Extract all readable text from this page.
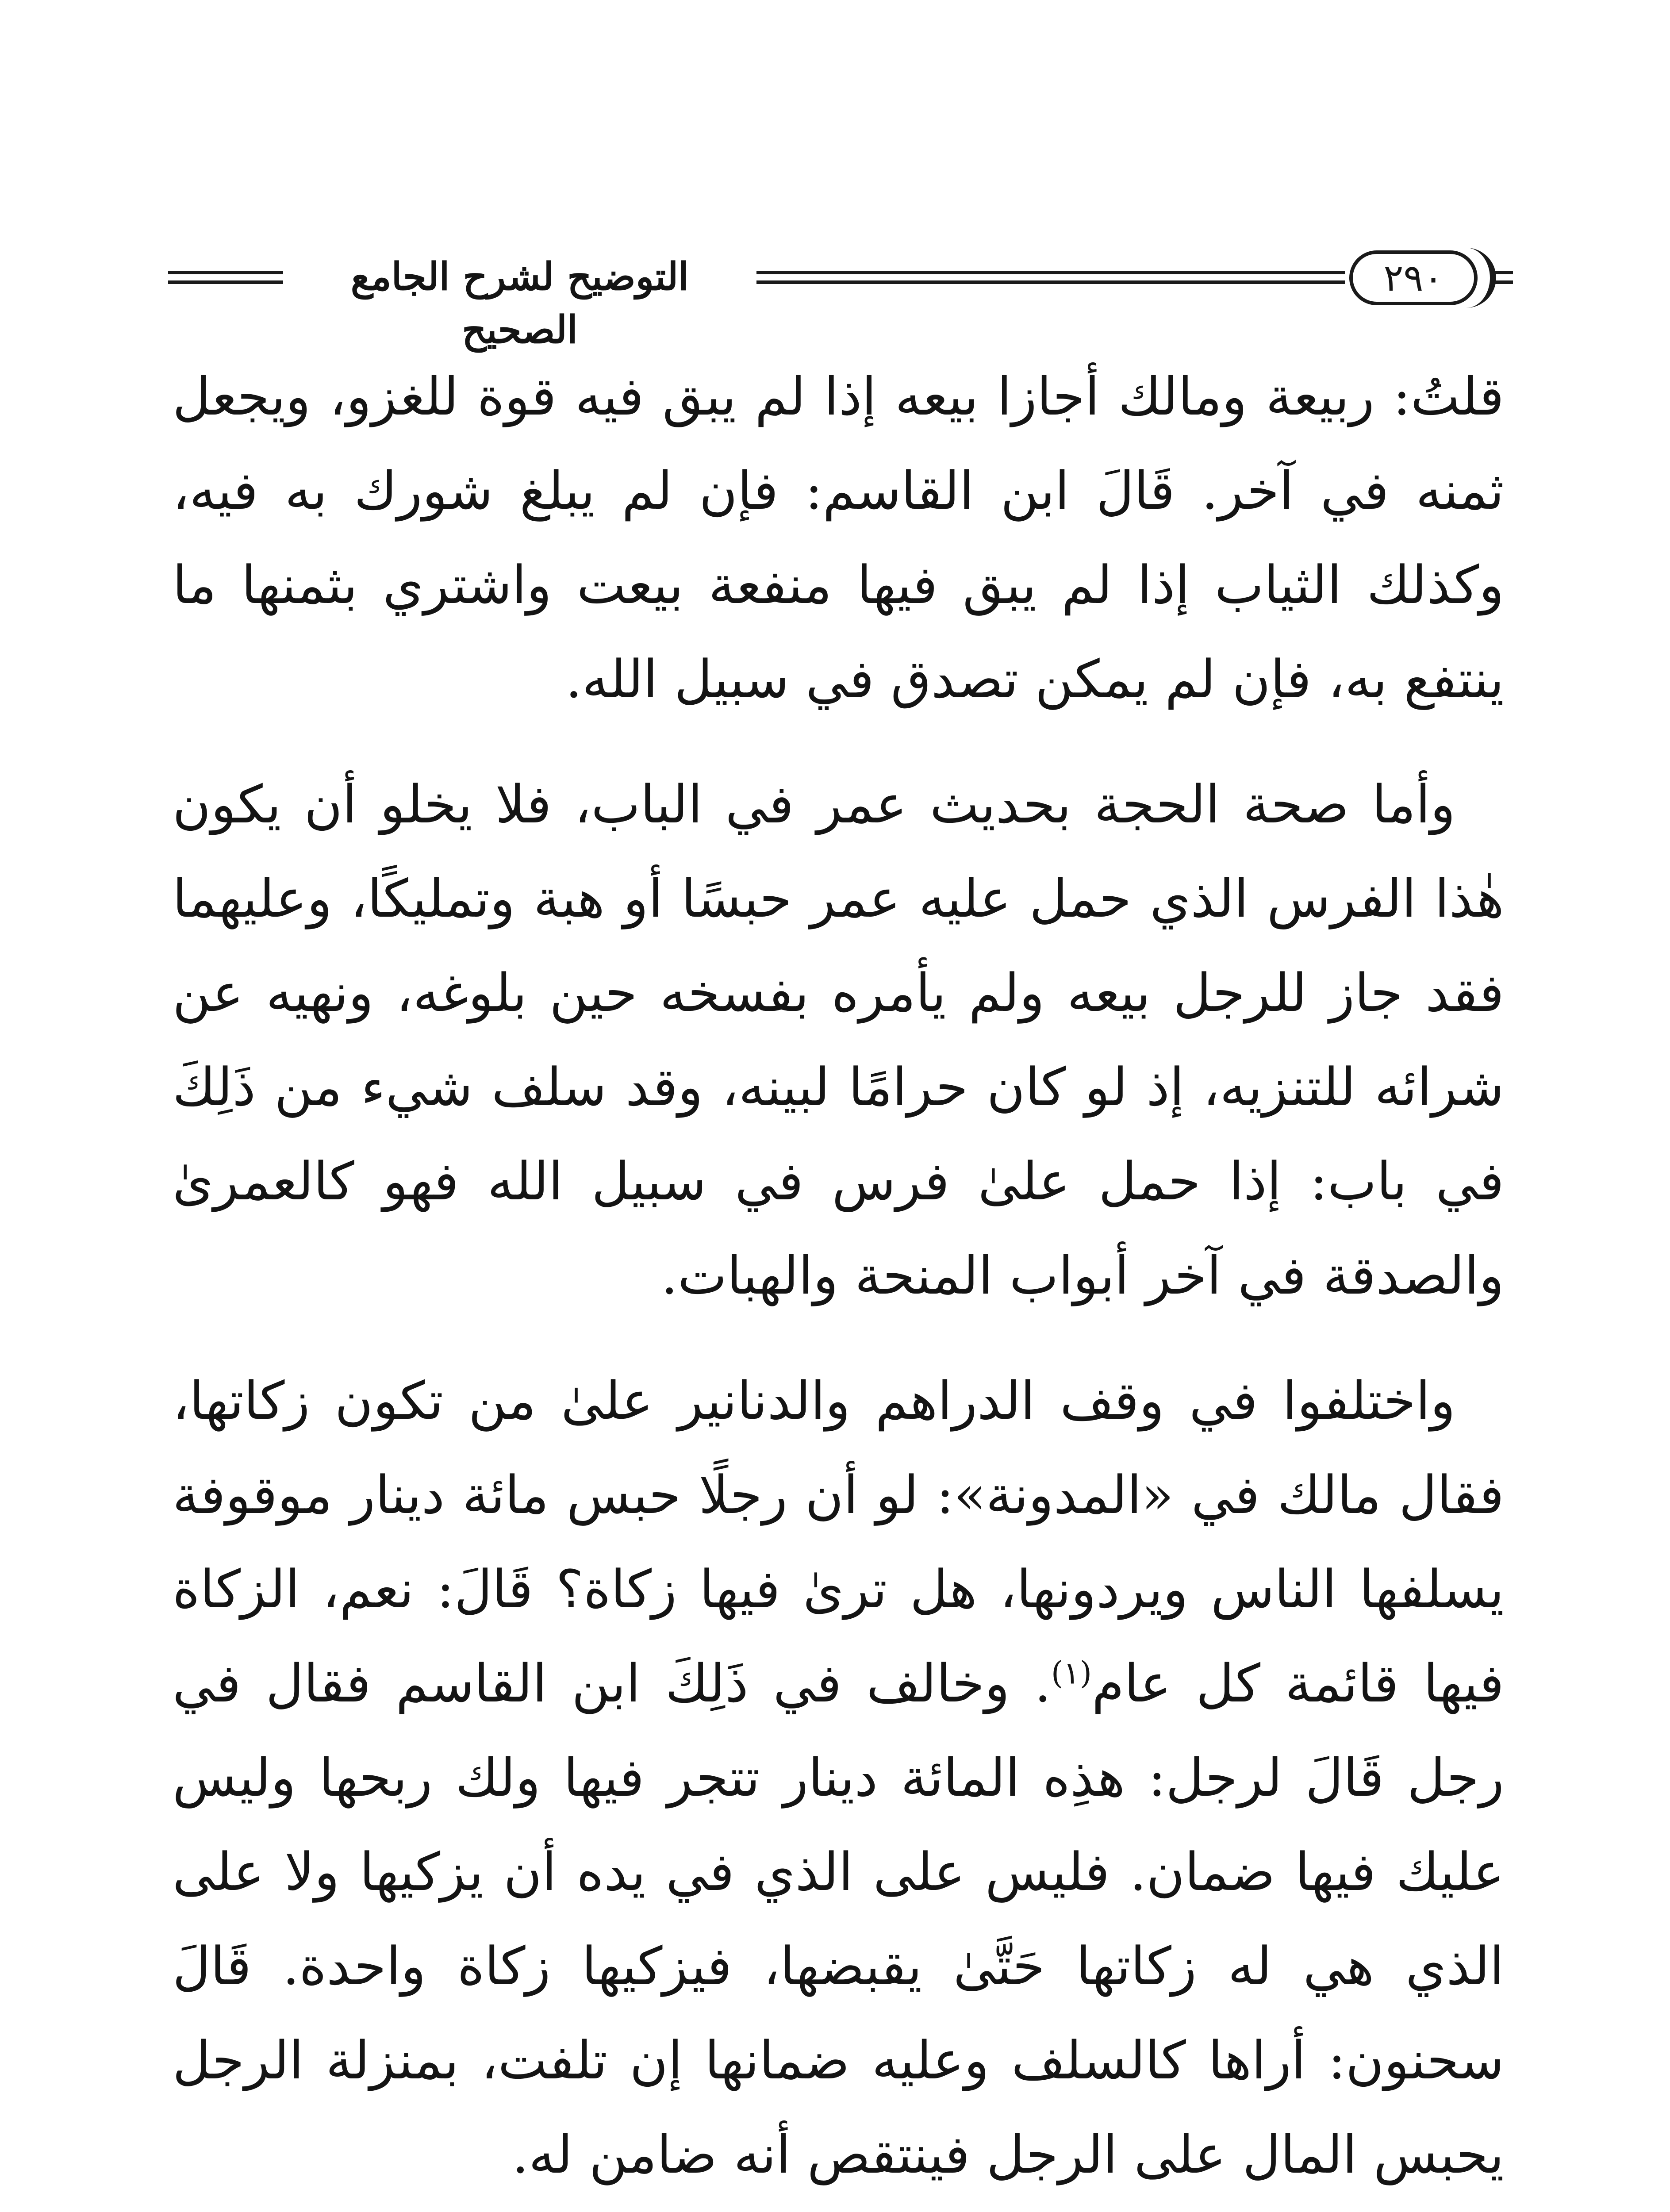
التوضيح لشرح الجامع الصحيح
٢٩٠

قلتُ: ربيعة ومالك أجازا بيعه إذا لم يبق فيه قوة للغزو، ويجعل ثمنه في آخر. قَالَ ابن القاسم: فإن لم يبلغ شورك به فيه، وكذلك الثياب إذا لم يبق فيها منفعة بيعت واشتري بثمنها ما ينتفع به، فإن لم يمكن تصدق في سبيل الله.

وأما صحة الحجة بحديث عمر في الباب، فلا يخلو أن يكون هٰذا الفرس الذي حمل عليه عمر حبسًا أو هبة وتمليكًا، وعليهما فقد جاز للرجل بيعه ولم يأمره بفسخه حين بلوغه، ونهيه عن شرائه للتنزيه، إذ لو كان حرامًا لبينه، وقد سلف شيء من ذَلِكَ في باب: إذا حمل علىٰ فرس في سبيل الله فهو كالعمرىٰ والصدقة في آخر أبواب المنحة والهبات.

واختلفوا في وقف الدراهم والدنانير علىٰ من تكون زكاتها، فقال مالك في «المدونة»: لو أن رجلًا حبس مائة دينار موقوفة يسلفها الناس ويردونها، هل ترىٰ فيها زكاة؟ قَالَ: نعم، الزكاة فيها قائمة كل عام$^{(١)}$. وخالف في ذَلِكَ ابن القاسم فقال في رجل قَالَ لرجل: هذِه المائة دينار تتجر فيها ولك ربحها وليس عليك فيها ضمان. فليس على الذي في يده أن يزكيها ولا على الذي هي له زكاتها حَتَّىٰ يقبضها، فيزكيها زكاة واحدة. قَالَ سحنون: أراها كالسلف وعليه ضمانها إن تلفت، بمنزلة الرجل يحبس المال على الرجل فينتقص أنه ضامن له.
